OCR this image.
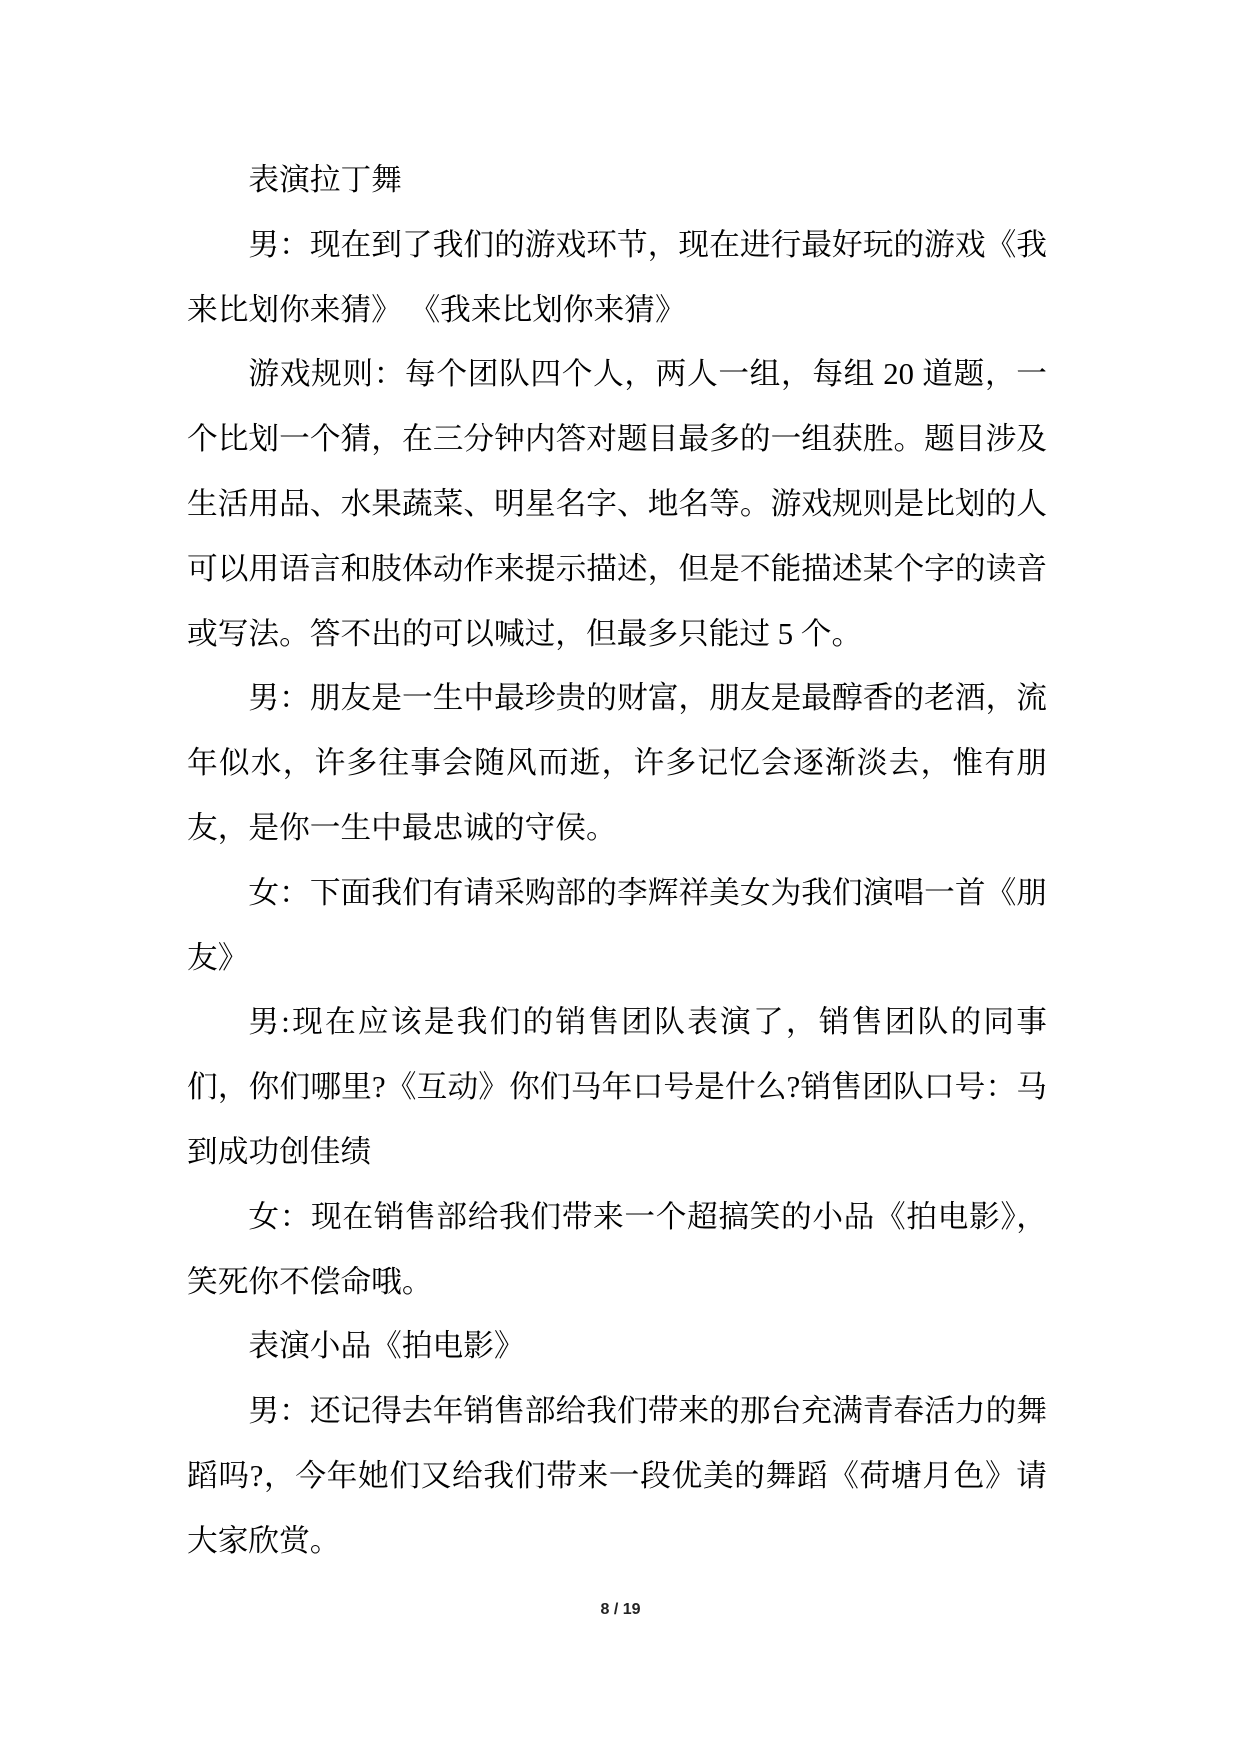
表演拉丁舞

男：现在到了我们的游戏环节，现在进行最好玩的游戏《我来比划你来猜》 《我来比划你来猜》

游戏规则：每个团队四个人，两人一组，每组 20 道题，一个比划一个猜，在三分钟内答对题目最多的一组获胜。题目涉及生活用品、水果蔬菜、明星名字、地名等。游戏规则是比划的人可以用语言和肢体动作来提示描述，但是不能描述某个字的读音或写法。答不出的可以喊过，但最多只能过 5 个。

男：朋友是一生中最珍贵的财富，朋友是最醇香的老酒，流年似水，许多往事会随风而逝，许多记忆会逐渐淡去，惟有朋友，是你一生中最忠诚的守侯。

女：下面我们有请采购部的李辉祥美女为我们演唱一首《朋友》

男:现在应该是我们的销售团队表演了，销售团队的同事们，你们哪里?《互动》你们马年口号是什么?销售团队口号：马到成功创佳绩

女：现在销售部给我们带来一个超搞笑的小品《拍电影》，笑死你不偿命哦。

表演小品《拍电影》

男：还记得去年销售部给我们带来的那台充满青春活力的舞蹈吗?，今年她们又给我们带来一段优美的舞蹈《荷塘月色》请大家欣赏。

8 / 19
